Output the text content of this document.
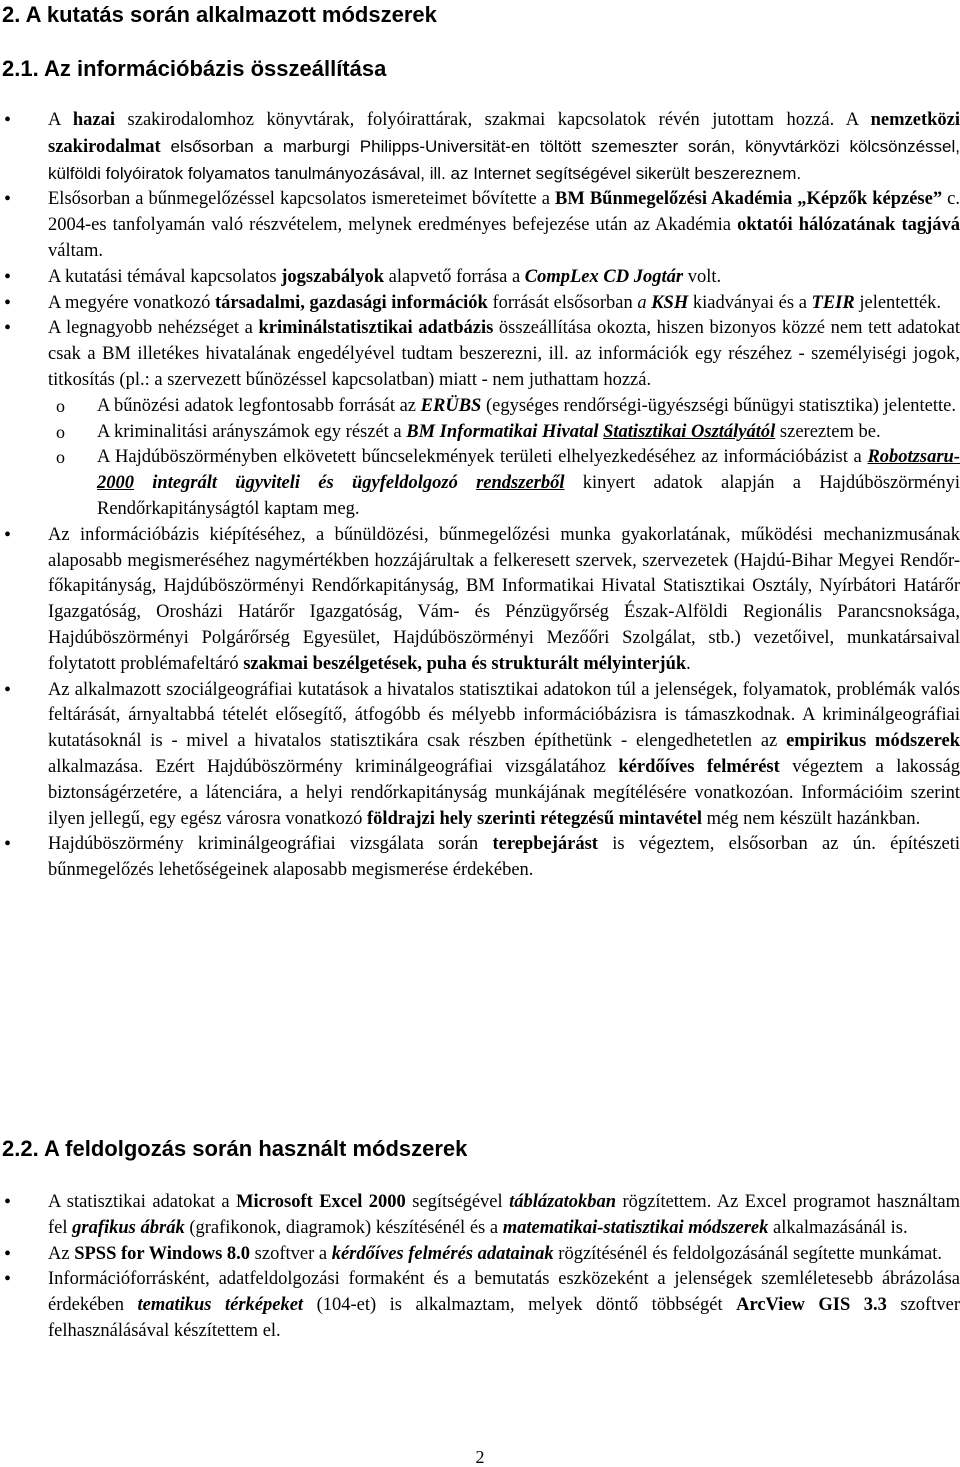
2. A kutatás során alkalmazott módszerek
2.1. Az információbázis összeállítása
• A hazai szakirodalomhoz könyvtárak, folyóirattárak, szakmai kapcsolatok révén jutottam hozzá. A nemzetközi szakirodalmat elsősorban a marburgi Philipps-Universität-en töltött szemeszter során, könyvtárközi kölcsönzéssel, külföldi folyóiratok folyamatos tanulmányozásával, ill. az Internet segítségével sikerült beszereznem.
• Elsősorban a bűnmegelőzéssel kapcsolatos ismereteimet bővítette a BM Bűnmegelőzési Akadémia „Képzők képzése” c. 2004-es tanfolyamán való részvételem, melynek eredményes befejezése után az Akadémia oktatói hálózatának tagjává váltam.
• A kutatási témával kapcsolatos jogszabályok alapvető forrása a CompLex CD Jogtár volt.
• A megyére vonatkozó társadalmi, gazdasági információk forrását elsősorban a KSH kiadványai és a TEIR jelentették.
• A legnagyobb nehézséget a kriminálstatisztikai adatbázis összeállítása okozta, hiszen bizonyos közzé nem tett adatokat csak a BM illetékes hivatalának engedélyével tudtam beszerezni, ill. az információk egy részéhez - személyiségi jogok, titkosítás (pl.: a szervezett bűnözéssel kapcsolatban) miatt - nem juthattam hozzá.
o A bűnözési adatok legfontosabb forrását az ERÜBS (egységes rendőrségi-ügyészségi bűnügyi statisztika) jelentette.
o A kriminalitási arányszámok egy részét a BM Informatikai Hivatal Statisztikai Osztályától szereztem be.
o A Hajdúböszörményben elkövetett bűncselekmények területi elhelyezkedéséhez az információbázist a Robotzsaru-2000 integrált ügyviteli és ügyfeldolgozó rendszerből kinyert adatok alapján a Hajdúböszörményi Rendőrkapitányságtól kaptam meg.
• Az információbázis kiépítéséhez, a bűnüldözési, bűnmegelőzési munka gyakorlatának, működési mechanizmusának alaposabb megismeréséhez nagymértékben hozzájárultak a felkeresett szervek, szervezetek (Hajdú-Bihar Megyei Rendőr-főkapitányság, Hajdúböszörményi Rendőrkapitányság, BM Informatikai Hivatal Statisztikai Osztály, Nyírbátori Határőr Igazgatóság, Orosházi Határőr Igazgatóság, Vám- és Pénzügyőrség Észak-Alföldi Regionális Parancsnoksága, Hajdúböszörményi Polgárőrség Egyesület, Hajdúböszörményi Mezőőri Szolgálat, stb.) vezetőivel, munkatársaival folytatott problémafeltáró szakmai beszélgetések, puha és strukturált mélyinterjúk.
• Az alkalmazott szociálgeográfiai kutatások a hivatalos statisztikai adatokon túl a jelenségek, folyamatok, problémák valós feltárását, árnyaltabbá tételét elősegítő, átfogóbb és mélyebb információbázisra is támaszkodnak. A kriminálgeográfiai kutatásoknál is - mivel a hivatalos statisztikára csak részben építhetünk - elengedhetetlen az empirikus módszerek alkalmazása. Ezért Hajdúböszörmény kriminálgeográfiai vizsgálatához kérdőíves felmérést végeztem a lakosság biztonságérzetére, a látenciára, a helyi rendőrkapitányság munkájának megítélésére vonatkozóan. Információim szerint ilyen jellegű, egy egész városra vonatkozó földrajzi hely szerinti rétegzésű mintavétel még nem készült hazánkban.
• Hajdúböszörmény kriminálgeográfiai vizsgálata során terepbejárást is végeztem, elsősorban az ún. építészeti bűnmegelőzés lehetőségeinek alaposabb megismerése érdekében.
2.2. A feldolgozás során használt módszerek
• A statisztikai adatokat a Microsoft Excel 2000 segítségével táblázatokban rögzítettem. Az Excel programot használtam fel grafikus ábrák (grafikonok, diagramok) készítésénél és a matematikai-statisztikai módszerek alkalmazásánál is.
• Az SPSS for Windows 8.0 szoftver a kérdőíves felmérés adatainak rögzítésénél és feldolgozásánál segítette munkámat.
• Információforrásként, adatfeldolgozási formaként és a bemutatás eszközeként a jelenségek szemléletesebb ábrázolása érdekében tematikus térképeket (104-et) is alkalmaztam, melyek döntő többségét ArcView GIS 3.3 szoftver felhasználásával készítettem el.
2
